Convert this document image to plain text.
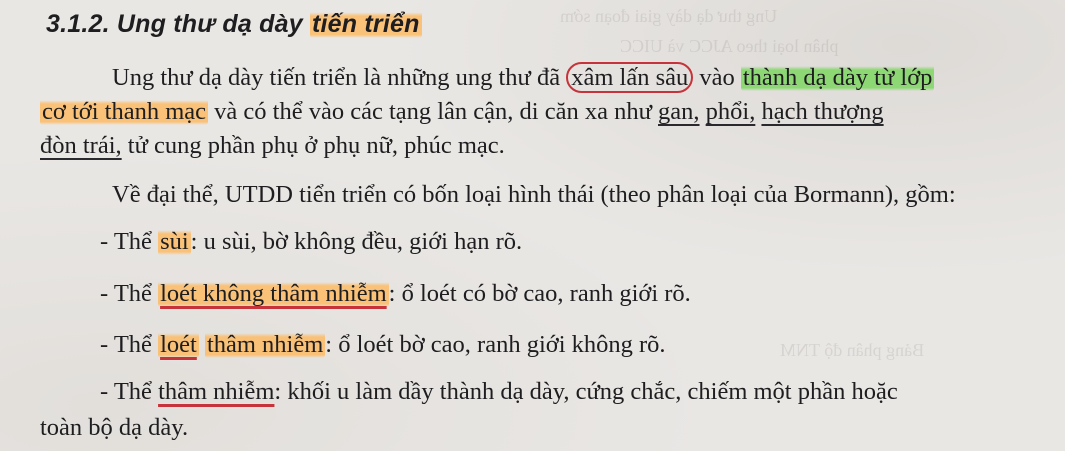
Ung thư dạ dày giai đoạn sớm
phân loại theo AJCC và UICC
Bảng phân độ TNM
3.1.2. Ung thư dạ dày tiến triển
Ung thư dạ dày tiến triển là những ung thư đã xâm lấn sâu vào thành dạ dày từ lớp
cơ tới thanh mạc và có thể vào các tạng lân cận, di căn xa như gan, phổi, hạch thượng
đòn trái, tử cung phần phụ ở phụ nữ, phúc mạc.
Về đại thể, UTDD tiển triển có bốn loại hình thái (theo phân loại của Bormann), gồm:
- Thể sùi: u sùi, bờ không đều, giới hạn rõ.
- Thể loét không thâm nhiễm: ổ loét có bờ cao, ranh giới rõ.
- Thể loét thâm nhiễm: ổ loét bờ cao, ranh giới không rõ.
- Thể thâm nhiễm: khối u làm dầy thành dạ dày, cứng chắc, chiếm một phần hoặc
toàn bộ dạ dày.
